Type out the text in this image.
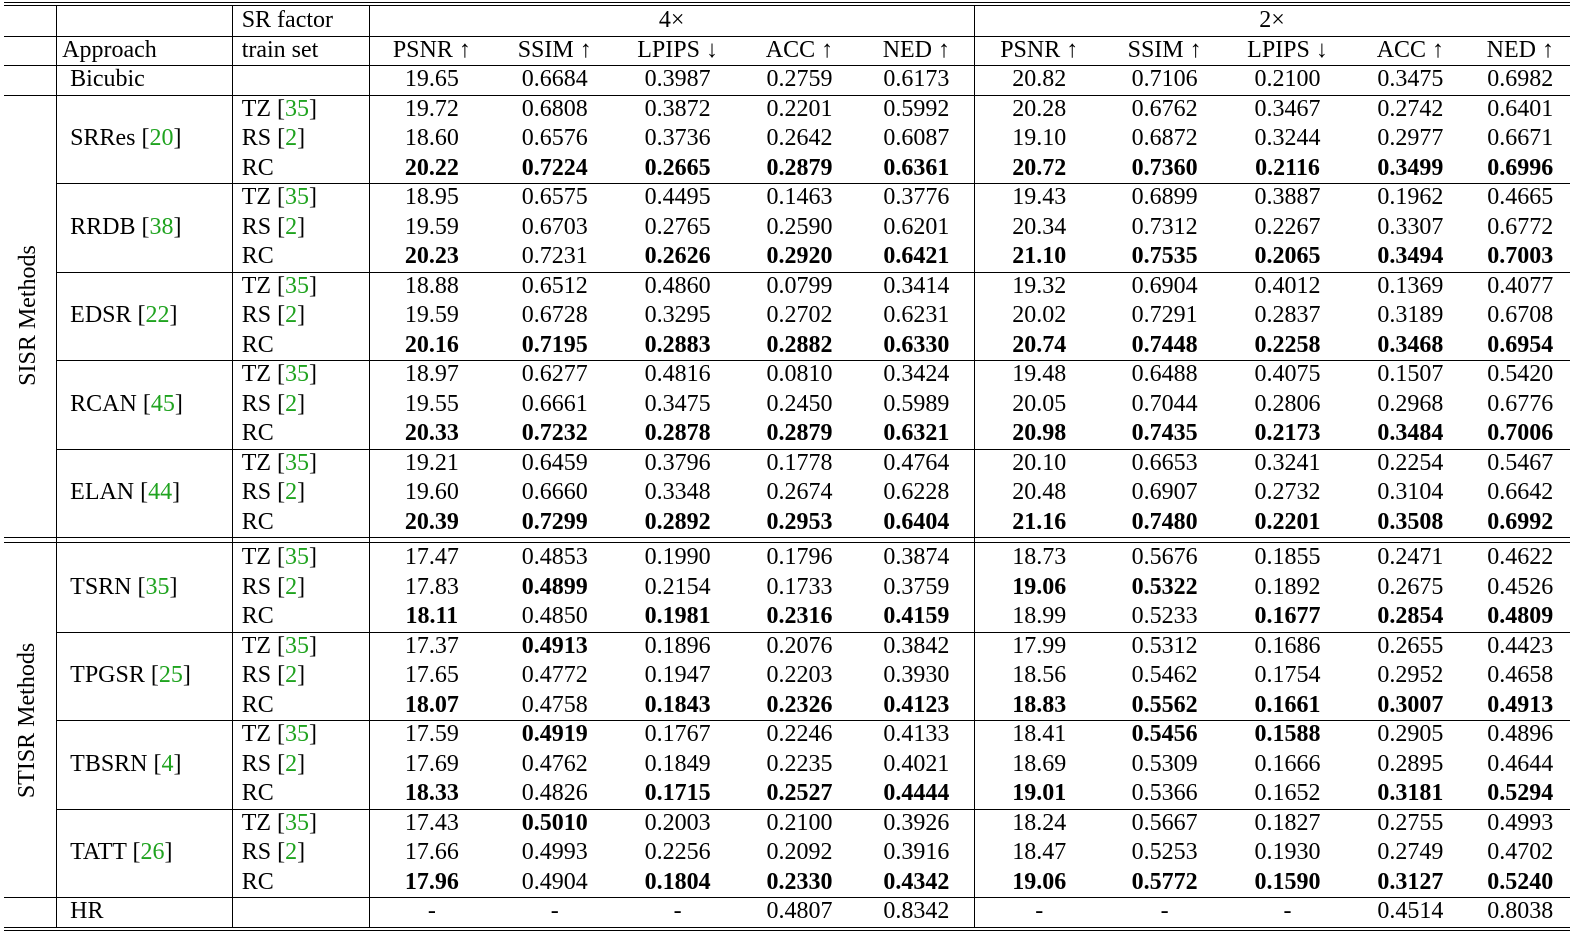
		SR factor	4×					2×				
	Approach	train set	PSNR ↑	SSIM ↑	LPIPS ↓	ACC ↑	NED ↑	PSNR ↑	SSIM ↑	LPIPS ↓	ACC ↑	NED ↑
	Bicubic		19.65	0.6684	0.3987	0.2759	0.6173	20.82	0.7106	0.2100	0.3475	0.6982
	SRRes [20]	TZ [35]	19.72	0.6808	0.3872	0.2201	0.5992	20.28	0.6762	0.3467	0.2742	0.6401
		RS [2]	18.60	0.6576	0.3736	0.2642	0.6087	19.10	0.6872	0.3244	0.2977	0.6671
		RC	20.22	0.7224	0.2665	0.2879	0.6361	20.72	0.7360	0.2116	0.3499	0.6996
	RRDB [38]	TZ [35]	18.95	0.6575	0.4495	0.1463	0.3776	19.43	0.6899	0.3887	0.1962	0.4665
		RS [2]	19.59	0.6703	0.2765	0.2590	0.6201	20.34	0.7312	0.2267	0.3307	0.6772
		RC	20.23	0.7231	0.2626	0.2920	0.6421	21.10	0.7535	0.2065	0.3494	0.7003
	EDSR [22]	TZ [35]	18.88	0.6512	0.4860	0.0799	0.3414	19.32	0.6904	0.4012	0.1369	0.4077
		RS [2]	19.59	0.6728	0.3295	0.2702	0.6231	20.02	0.7291	0.2837	0.3189	0.6708
		RC	20.16	0.7195	0.2883	0.2882	0.6330	20.74	0.7448	0.2258	0.3468	0.6954
	RCAN [45]	TZ [35]	18.97	0.6277	0.4816	0.0810	0.3424	19.48	0.6488	0.4075	0.1507	0.5420
		RS [2]	19.55	0.6661	0.3475	0.2450	0.5989	20.05	0.7044	0.2806	0.2968	0.6776
		RC	20.33	0.7232	0.2878	0.2879	0.6321	20.98	0.7435	0.2173	0.3484	0.7006
	ELAN [44]	TZ [35]	19.21	0.6459	0.3796	0.1778	0.4764	20.10	0.6653	0.3241	0.2254	0.5467
		RS [2]	19.60	0.6660	0.3348	0.2674	0.6228	20.48	0.6907	0.2732	0.3104	0.6642
		RC	20.39	0.7299	0.2892	0.2953	0.6404	21.16	0.7480	0.2201	0.3508	0.6992

	TSRN [35]	TZ [35]	17.47	0.4853	0.1990	0.1796	0.3874	18.73	0.5676	0.1855	0.2471	0.4622
		RS [2]	17.83	0.4899	0.2154	0.1733	0.3759	19.06	0.5322	0.1892	0.2675	0.4526
		RC	18.11	0.4850	0.1981	0.2316	0.4159	18.99	0.5233	0.1677	0.2854	0.4809
	TPGSR [25]	TZ [35]	17.37	0.4913	0.1896	0.2076	0.3842	17.99	0.5312	0.1686	0.2655	0.4423
		RS [2]	17.65	0.4772	0.1947	0.2203	0.3930	18.56	0.5462	0.1754	0.2952	0.4658
		RC	18.07	0.4758	0.1843	0.2326	0.4123	18.83	0.5562	0.1661	0.3007	0.4913
	TBSRN [4]	TZ [35]	17.59	0.4919	0.1767	0.2246	0.4133	18.41	0.5456	0.1588	0.2905	0.4896
		RS [2]	17.69	0.4762	0.1849	0.2235	0.4021	18.69	0.5309	0.1666	0.2895	0.4644
		RC	18.33	0.4826	0.1715	0.2527	0.4444	19.01	0.5366	0.1652	0.3181	0.5294
	TATT [26]	TZ [35]	17.43	0.5010	0.2003	0.2100	0.3926	18.24	0.5667	0.1827	0.2755	0.4993
		RS [2]	17.66	0.4993	0.2256	0.2092	0.3916	18.47	0.5253	0.1930	0.2749	0.4702
		RC	17.96	0.4904	0.1804	0.2330	0.4342	19.06	0.5772	0.1590	0.3127	0.5240
	HR		-	-	-	0.4807	0.8342	-	-	-	0.4514	0.8038
SISR Methods
STISR Methods
